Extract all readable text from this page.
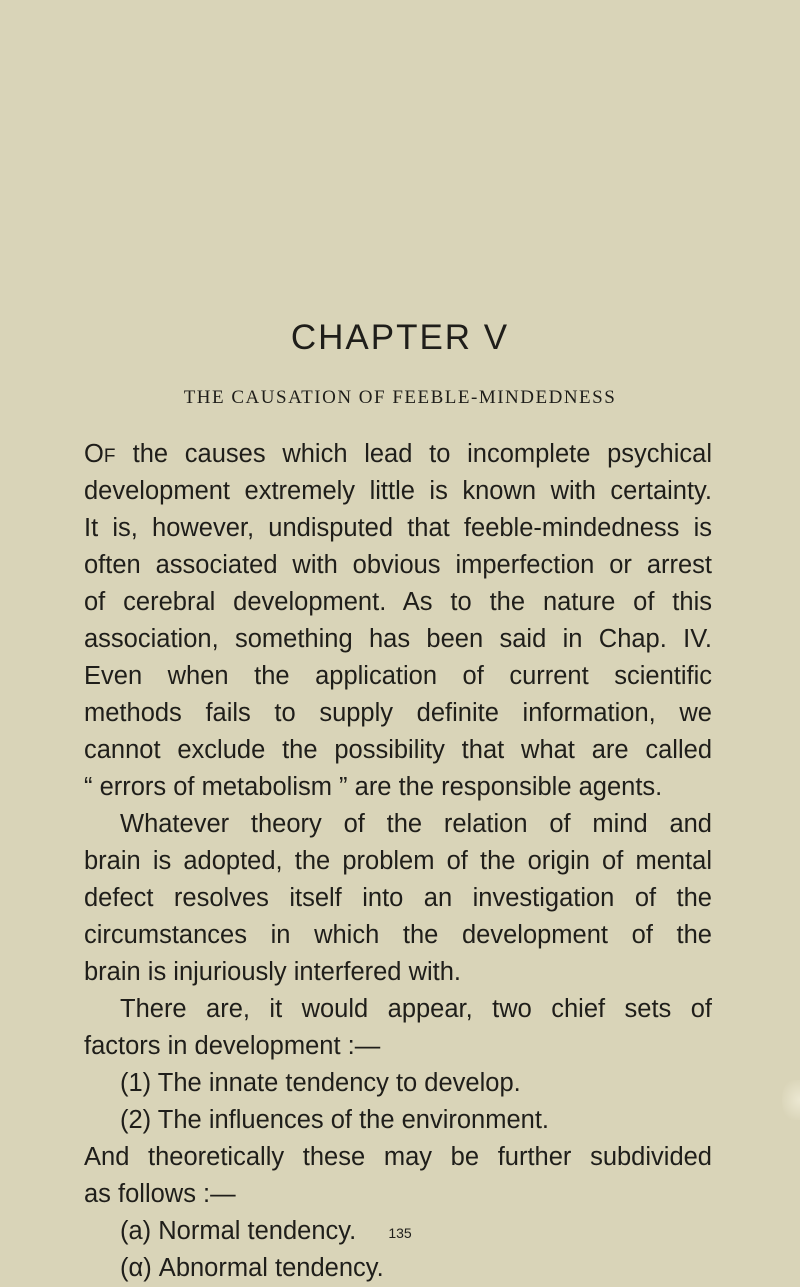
CHAPTER V
THE CAUSATION OF FEEBLE-MINDEDNESS
OF the causes which lead to incomplete psychical
development extremely little is known with certainty.
It is, however, undisputed that feeble-mindedness is
often associated with obvious imperfection or arrest
of cerebral development. As to the nature of this
association, something has been said in Chap. IV.
Even when the application of current scientific
methods fails to supply definite information, we
cannot exclude the possibility that what are called
“ errors of metabolism ” are the responsible agents.
Whatever theory of the relation of mind and
brain is adopted, the problem of the origin of mental
defect resolves itself into an investigation of the
circumstances in which the development of the
brain is injuriously interfered with.
There are, it would appear, two chief sets of
factors in development :—
(1) The innate tendency to develop.
(2) The influences of the environment.
And theoretically these may be further subdivided
as follows :—
(a) Normal tendency.
(α) Abnormal tendency.
135
